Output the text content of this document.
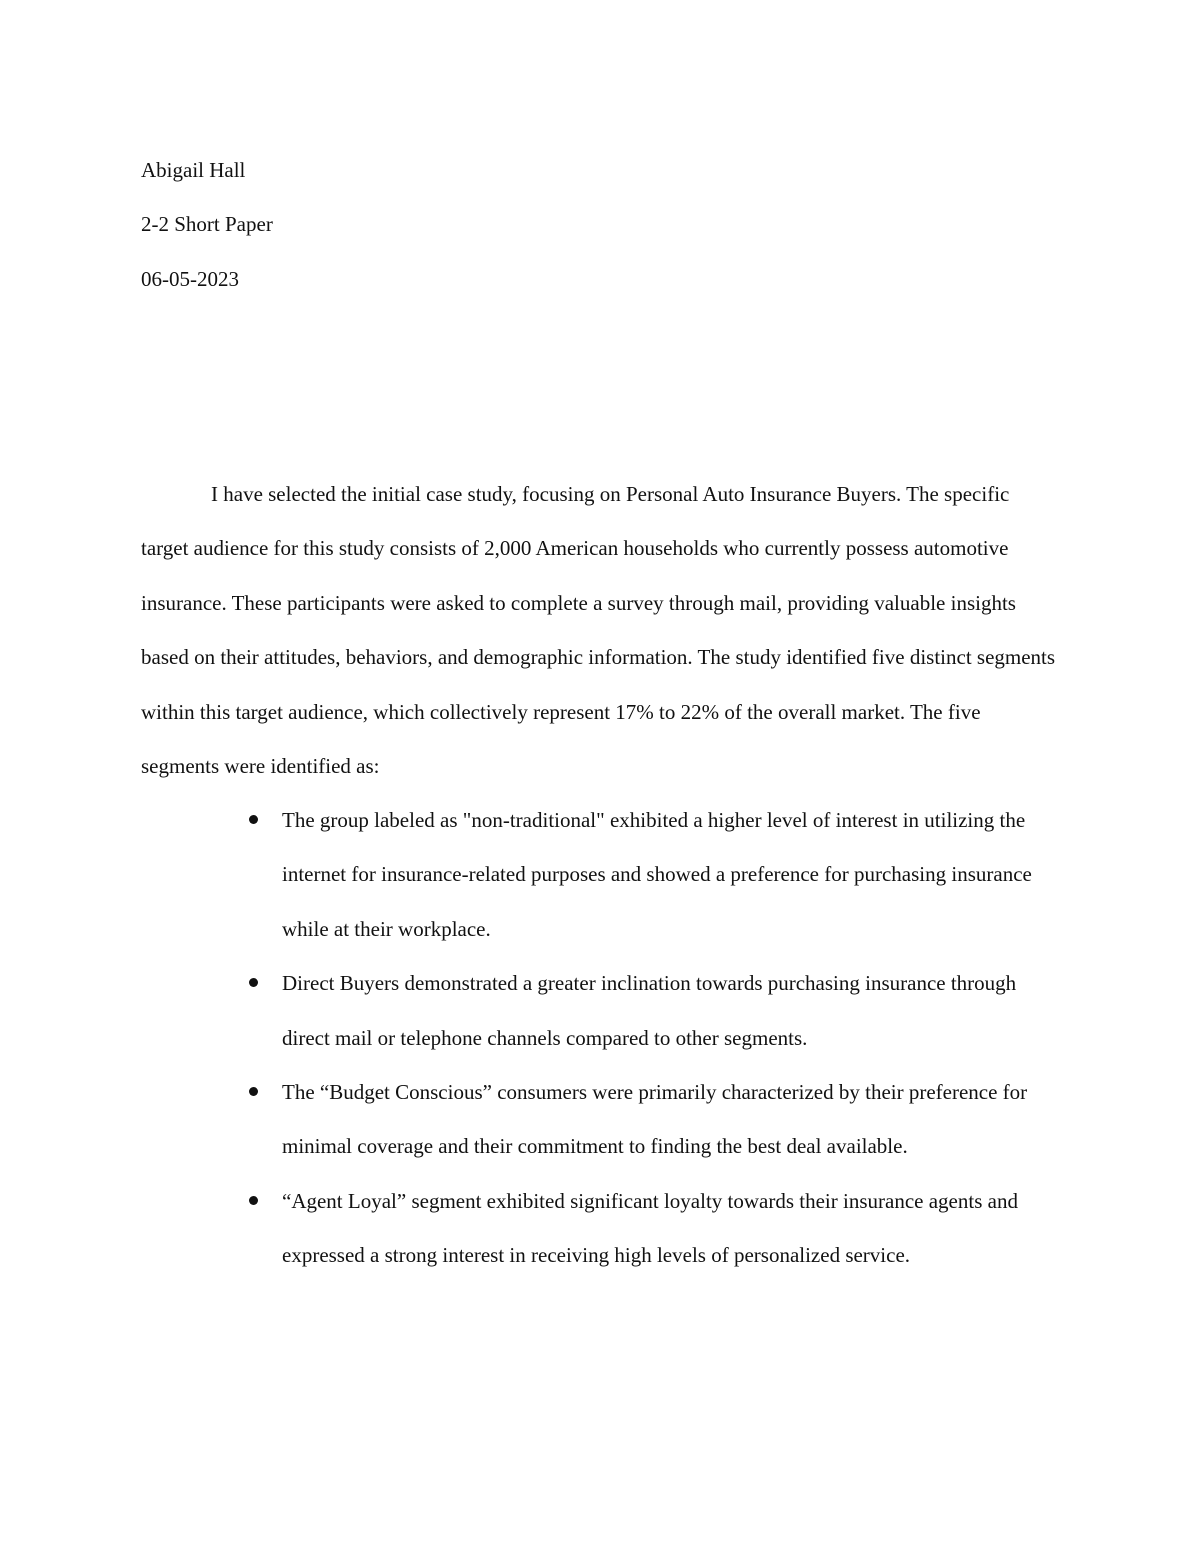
Abigail Hall
2-2 Short Paper
06-05-2023

I have selected the initial case study, focusing on Personal Auto Insurance Buyers. The specific target audience for this study consists of 2,000 American households who currently possess automotive insurance. These participants were asked to complete a survey through mail, providing valuable insights based on their attitudes, behaviors, and demographic information. The study identified five distinct segments within this target audience, which collectively represent 17% to 22% of the overall market. The five segments were identified as:

The group labeled as "non-traditional" exhibited a higher level of interest in utilizing the internet for insurance-related purposes and showed a preference for purchasing insurance while at their workplace.
Direct Buyers demonstrated a greater inclination towards purchasing insurance through direct mail or telephone channels compared to other segments.
The “Budget Conscious” consumers were primarily characterized by their preference for minimal coverage and their commitment to finding the best deal available.
“Agent Loyal” segment exhibited significant loyalty towards their insurance agents and expressed a strong interest in receiving high levels of personalized service.
